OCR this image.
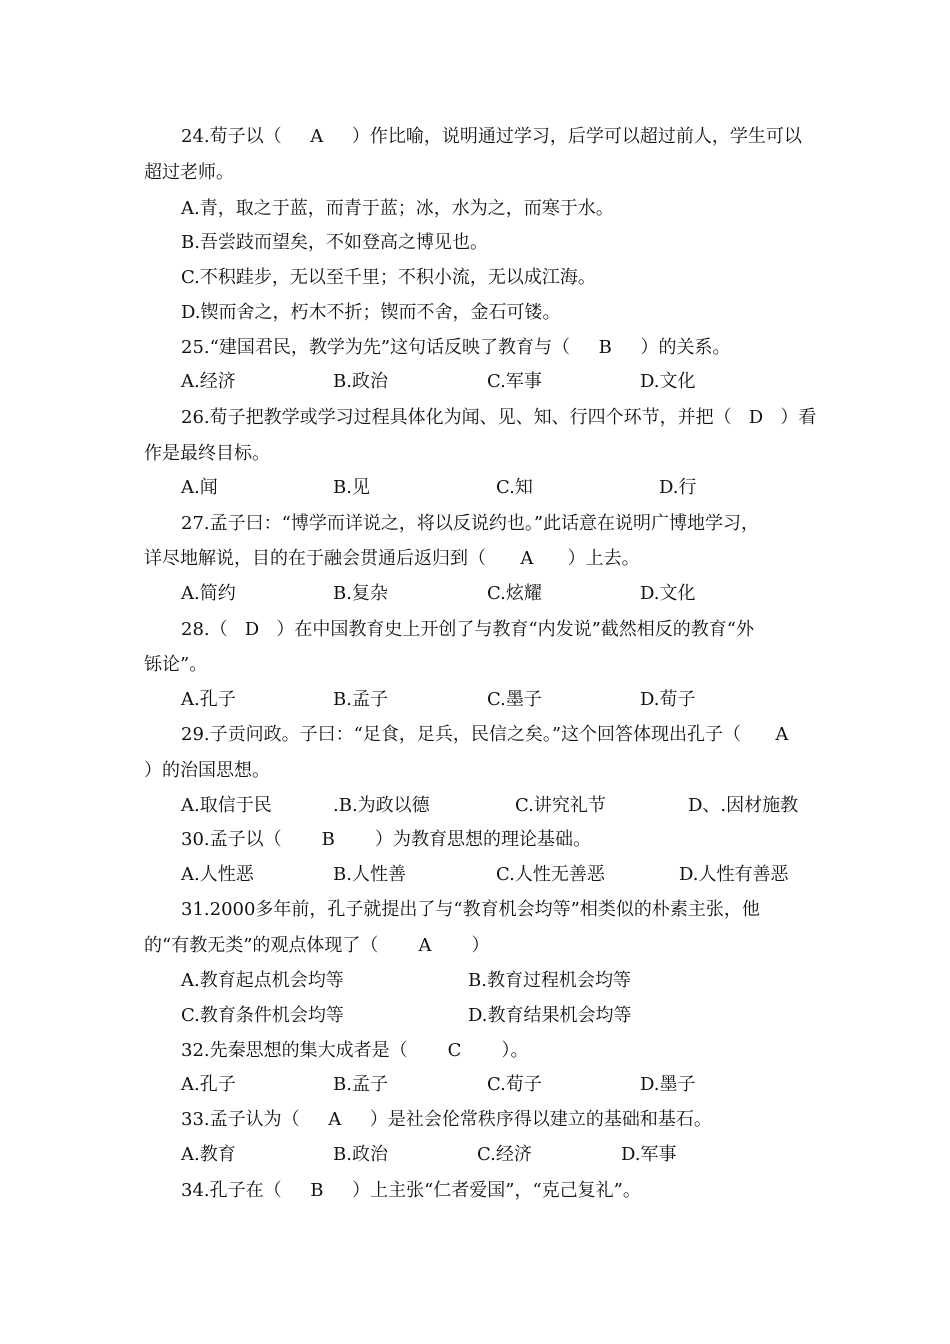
24.荀子以（     A     ）作比喻，说明通过学习，后学可以超过前人，学生可以
超过老师。
A.青，取之于蓝，而青于蓝；冰，水为之，而寒于水。
B.吾尝跂而望矣，不如登高之博见也。
C.不积跬步，无以至千里；不积小流，无以成江海。
D.锲而舍之，朽木不折；锲而不舍，金石可镂。
25.“建国君民，教学为先”这句话反映了教育与（     B     ）的关系。
A.经济	B.政治	C.军事	D.文化
26.荀子把教学或学习过程具体化为闻、见、知、行四个环节，并把（   D   ）看
作是最终目标。
A.闻	B.见	C.知	D.行
27.孟子曰：“博学而详说之，将以反说约也。”此话意在说明广博地学习，
详尽地解说，目的在于融会贯通后返归到（      A      ）上去。
A.简约	B.复杂	C.炫耀	D.文化
28.（   D   ）在中国教育史上开创了与教育“内发说”截然相反的教育“外
铄论”。
A.孔子	B.孟子	C.墨子	D.荀子
29.子贡问政。子曰：“足食，足兵，民信之矣。”这个回答体现出孔子（      A
）的治国思想。
A.取信于民	.B.为政以德	C.讲究礼节	D、.因材施教
30.孟子以（       B       ）为教育思想的理论基础。
A.人性恶	B.人性善	C.人性无善恶	D.人性有善恶
31.2000多年前，孔子就提出了与“教育机会均等”相类似的朴素主张，他
的“有教无类”的观点体现了（       A       ）
A.教育起点机会均等	B.教育过程机会均等
C.教育条件机会均等	D.教育结果机会均等
32.先秦思想的集大成者是（       C       ）。
A.孔子	B.孟子	C.荀子	D.墨子
33.孟子认为（     A     ）是社会伦常秩序得以建立的基础和基石。
A.教育	B.政治	C.经济	D.军事
34.孔子在（     B     ）上主张“仁者爱国”，“克己复礼”。
